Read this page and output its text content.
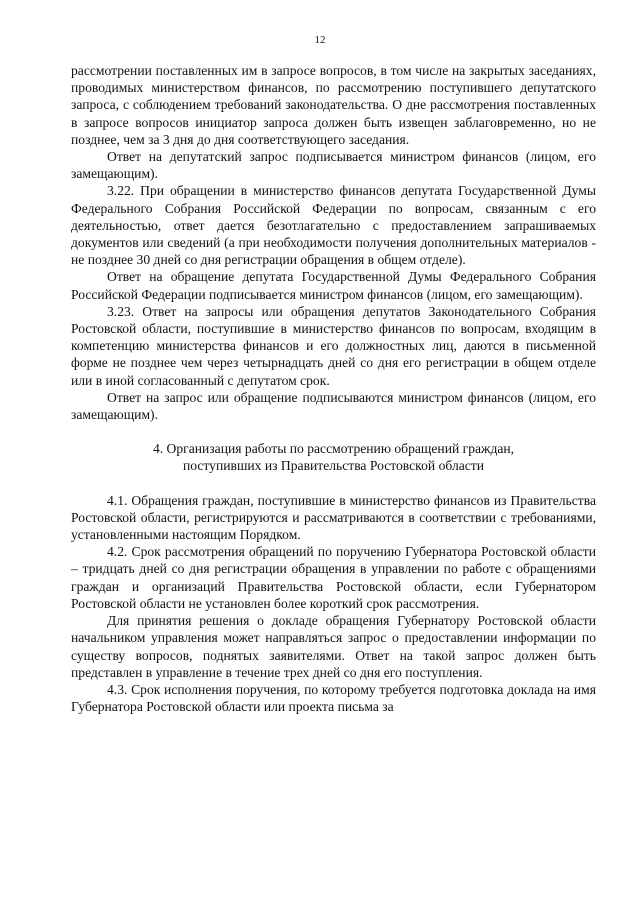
12

рассмотрении поставленных им в запросе вопросов, в том числе на закрытых заседаниях, проводимых министерством финансов, по рассмотрению поступившего депутатского запроса, с соблюдением требований законодательства. О дне рассмотрения поставленных в запросе вопросов инициатор запроса должен быть извещен заблаговременно, но не позднее, чем за 3 дня до дня соответствующего заседания.

Ответ на депутатский запрос подписывается министром финансов (лицом, его замещающим).

3.22. При обращении в министерство финансов депутата Государственной Думы Федерального Собрания Российской Федерации по вопросам, связанным с его деятельностью, ответ дается безотлагательно с предоставлением запрашиваемых документов или сведений (а при необходимости получения дополнительных материалов - не позднее 30 дней со дня регистрации обращения в общем отделе).

Ответ на обращение депутата Государственной Думы Федерального Собрания Российской Федерации подписывается министром финансов (лицом, его замещающим).

3.23. Ответ на запросы или обращения депутатов Законодательного Собрания Ростовской области, поступившие в министерство финансов по вопросам, входящим в компетенцию министерства финансов и его должностных лиц, даются в письменной форме не позднее чем через четырнадцать дней со дня его регистрации в общем отделе или в иной согласованный с депутатом срок.

Ответ на запрос или обращение подписываются министром финансов (лицом, его замещающим).

4. Организация работы по рассмотрению обращений граждан,
поступивших из Правительства Ростовской области

4.1. Обращения граждан, поступившие в министерство финансов из Правительства Ростовской области, регистрируются и рассматриваются в соответствии с требованиями, установленными настоящим Порядком.

4.2. Срок рассмотрения обращений по поручению Губернатора Ростовской области – тридцать дней со дня регистрации обращения в управлении по работе с обращениями граждан и организаций Правительства Ростовской области, если Губернатором Ростовской области не установлен более короткий срок рассмотрения.

Для принятия решения о докладе обращения Губернатору Ростовской области начальником управления может направляться запрос о предоставлении информации по существу вопросов, поднятых заявителями. Ответ на такой запрос должен быть представлен в управление в течение трех дней со дня его поступления.

4.3. Срок исполнения поручения, по которому требуется подготовка доклада на имя Губернатора Ростовской области или проекта письма за
